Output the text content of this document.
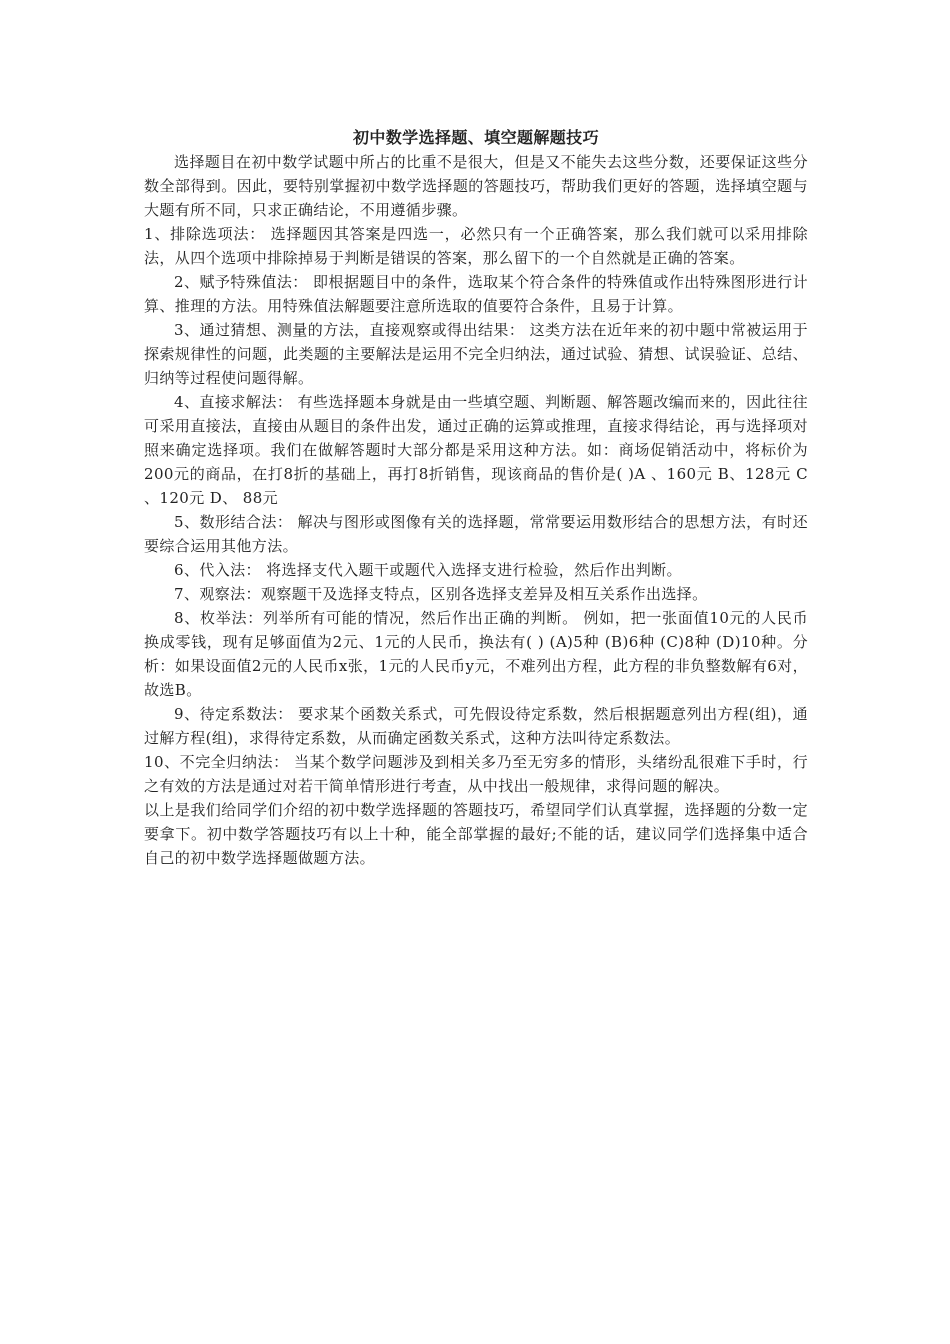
初中数学选择题、填空题解题技巧

选择题目在初中数学试题中所占的比重不是很大，但是又不能失去这些分数，还要保证这些分数全部得到。因此，要特别掌握初中数学选择题的答题技巧，帮助我们更好的答题，选择填空题与大题有所不同，只求正确结论，不用遵循步骤。

1、排除选项法： 选择题因其答案是四选一，必然只有一个正确答案，那么我们就可以采用排除法，从四个选项中排除掉易于判断是错误的答案，那么留下的一个自然就是正确的答案。

2、赋予特殊值法： 即根据题目中的条件，选取某个符合条件的特殊值或作出特殊图形进行计算、推理的方法。用特殊值法解题要注意所选取的值要符合条件，且易于计算。

3、通过猜想、测量的方法，直接观察或得出结果： 这类方法在近年来的初中题中常被运用于探索规律性的问题，此类题的主要解法是运用不完全归纳法，通过试验、猜想、试误验证、总结、归纳等过程使问题得解。

4、直接求解法： 有些选择题本身就是由一些填空题、判断题、解答题改编而来的，因此往往可采用直接法，直接由从题目的条件出发，通过正确的运算或推理，直接求得结论，再与选择项对照来确定选择项。我们在做解答题时大部分都是采用这种方法。如：商场促销活动中，将标价为200元的商品，在打8折的基础上，再打8折销售，现该商品的售价是( )A 、160元 B、128元 C 、120元 D、 88元

5、数形结合法： 解决与图形或图像有关的选择题，常常要运用数形结合的思想方法，有时还要综合运用其他方法。

6、代入法： 将选择支代入题干或题代入选择支进行检验，然后作出判断。

7、观察法：观察题干及选择支特点，区别各选择支差异及相互关系作出选择。

8、枚举法：列举所有可能的情况，然后作出正确的判断。 例如，把一张面值10元的人民币换成零钱，现有足够面值为2元、1元的人民币，换法有( ) (A)5种 (B)6种 (C)8种 (D)10种。分析：如果设面值2元的人民币x张，1元的人民币y元，不难列出方程，此方程的非负整数解有6对，故选B。

9、待定系数法： 要求某个函数关系式，可先假设待定系数，然后根据题意列出方程(组)，通过解方程(组)，求得待定系数，从而确定函数关系式，这种方法叫待定系数法。

10、不完全归纳法： 当某个数学问题涉及到相关多乃至无穷多的情形，头绪纷乱很难下手时，行之有效的方法是通过对若干简单情形进行考查，从中找出一般规律，求得问题的解决。

以上是我们给同学们介绍的初中数学选择题的答题技巧，希望同学们认真掌握，选择题的分数一定要拿下。初中数学答题技巧有以上十种，能全部掌握的最好;不能的话，建议同学们选择集中适合自己的初中数学选择题做题方法。
